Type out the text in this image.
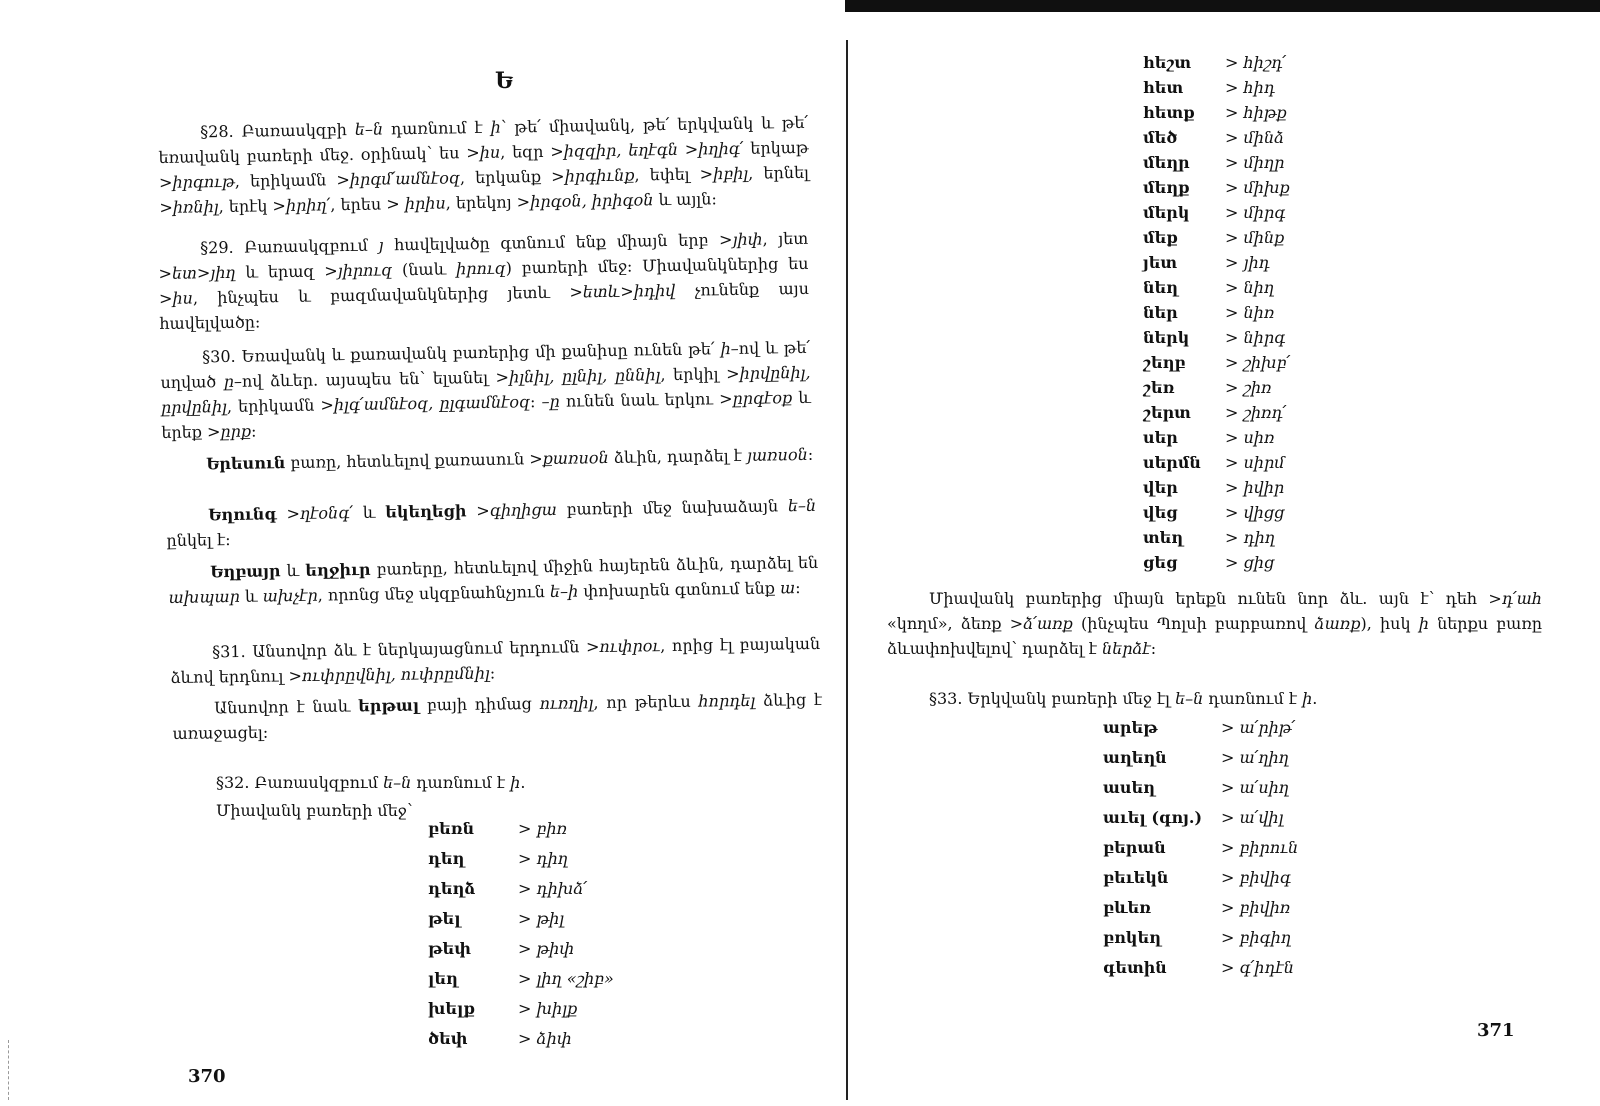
Ե

§28. Բառասկզբի ե–ն դառնում է ի՝ թե՛ միավանկ, թե՛ երկվանկ և թե՛ եռավանկ բառերի մեջ. օրինակ՝ ես >իս, եզր >իզզիր, եղէգն >իղիգ՛ երկաթ >իրգութ, երիկամն >իրգմ՛ամնէօզ, երկանք >իրգիւնք, եփել >իբիլ, երնել >իռնիլ, երէկ >իրիղ՛, երես > իրիս, երեկոյ >իրգօն, իրիգօն և այլն:

§29. Բառասկզբում յ հավելվածը գտնում ենք միայն երբ >յիփ, յետ >ետ>յիղ և երազ >յիրուզ (նաև իրուզ) բառերի մեջ: Միավանկներից ես >իս, ինչպես և բազմավանկներից յետև >ետև>իդիվ չունենք այս հավելվածը:

§30. Եռավանկ և քառավանկ բառերից մի քանիսը ունեն թե՛ ի–ով և թե՛ սղված ը–ով ձևեր. այսպես են՝ ելանել >իլնիլ, ըլնիլ, ըննիլ, երկիլ >իրվընիլ, ըրվընիլ, երիկամն >իլգ՛ամնէօզ, ըլգամնէօզ: –ը ունեն նաև երկու >ըրգէօք և երեք >ըրք:

Երեսուն բառը, հետևելով քառասուն >քառսօն ձևին, դարձել է յառսօն:

Եղունգ >ղէօնգ՛ և եկեղեցի >գիղիցա բառերի մեջ նախաձայն ե–ն ընկել է:

Եղբայր և եղջիւր բառերը, հետևելով միջին հայերեն ձևին, դարձել են ախպար և ախչէր, որոնց մեջ սկզբնահնչյուն ե–ի փոխարեն գտնում ենք ա:

§31. Անսովոր ձև է ներկայացնում երդումն >ուփրօւ, որից էլ բայական ձևով երդնուլ >ուփրըվնիլ, ուփրըմնիլ:

Անսովոր է նաև երթալ բայի դիմաց ուռղիլ, որ թերևս հորդել ձևից է առաջացել:

§32. Բառասկզբում ե–ն դառնում է ի.

Միավանկ բառերի մեջ՝

բեռն	> բիռ
դեղ	> դիղ
դեղձ	> դիխձ՛
թել	> թիլ
թեփ	> թիփ
լեղ	> լիղ «շիբ»
խելք	> խիլք
ծեփ	> ձիփ
370
հեշտ > հիշդ՛
հետ	> հիդ
հետք > հիթք
մեծ	> մինձ
մեղր > միղր
մեղք > միխք
մերկ > միրգ
մեք	> մինք
յետ	> յիդ
նեղ	> նիղ
ներ	> նիռ
ներկ > նիրգ
շեղբ > շիխբ՛
շեռ	> շիռ
շերտ > շիռդ՛
սեր	> սիռ
սերմն > սիրմ
վեր	> իվիր
վեց	> վիցց
տեղ	> դիղ
ցեց	> ցից

Միավանկ բառերից միայն երեքն ունեն նոր ձև. այն է՝ դեհ >դ՛ահ «կողմ», ձեռք >ձ՛առք (ինչպես Պոլսի բարբառով ձառք), իսկ ի ներքս բառը ձևափոխվելով՝ դարձել է ներձէ:

§33. Երկվանկ բառերի մեջ էլ ե–ն դառնում է ի.

արեթ	> ա՛րիթ՛
աղեղն	> ա՛ղիղ
ասեղ	> ա՛սիղ
աւել (գոյ.) > ա՛վիլ
բերան	> բիրուն
բեւեկն	> բիվիգ
բևեռ	> բիվիռ
բոկեղ	> բիգիղ
գետին	> գ՛իդէն
371
